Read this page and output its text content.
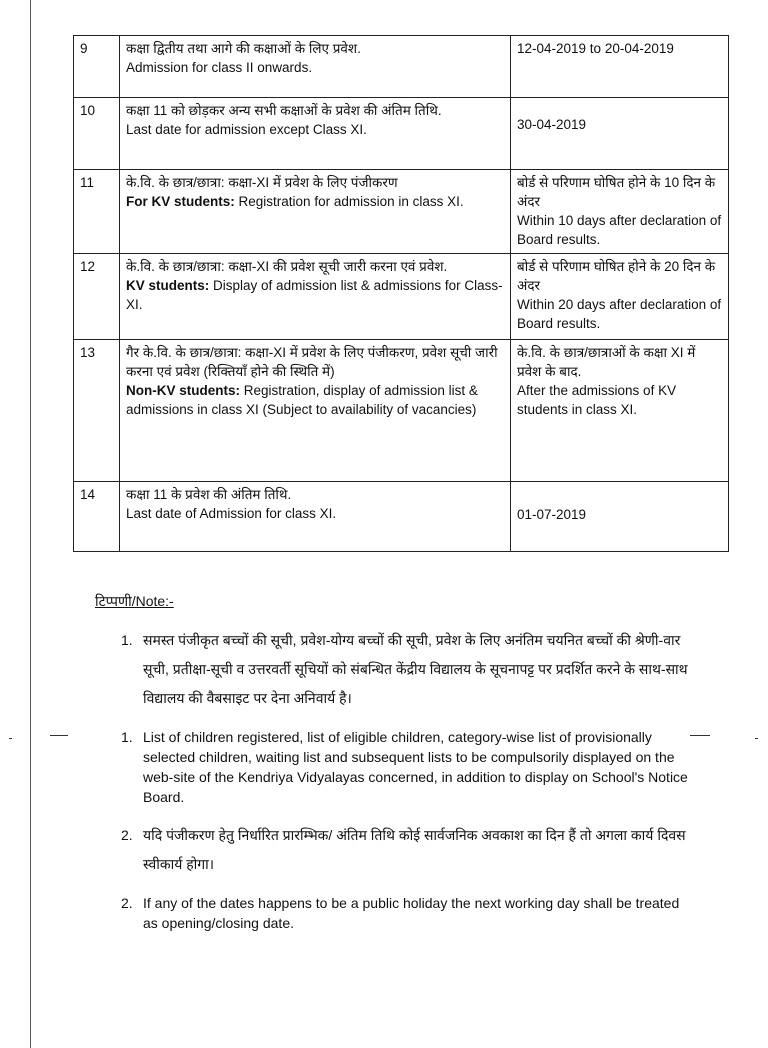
9	कक्षा द्वितीय तथा आगे की कक्षाओं के लिए प्रवेश.
Admission for class II onwards.	12-04-2019 to 20-04-2019
10	कक्षा 11 को छोड़कर अन्य सभी कक्षाओं के प्रवेश की अंतिम तिथि.
Last date for admission except Class XI.	30-04-2019

11	के.वि. के छात्र/छात्रा: कक्षा-XI में प्रवेश के लिए पंजीकरण
For KV students: Registration for admission in class XI.	बोर्ड से परिणाम घोषित होने के 10 दिन के अंदर
Within 10 days after declaration of Board results.

12	के.वि. के छात्र/छात्रा: कक्षा-XI की प्रवेश सूची जारी करना एवं प्रवेश.
KV students: Display of admission list & admissions for Class-XI.	बोर्ड से परिणाम घोषित होने के 20 दिन के अंदर
Within 20 days after declaration of Board results.

13	गैर के.वि. के छात्र/छात्रा: कक्षा-XI में प्रवेश के लिए पंजीकरण, प्रवेश सूची जारी करना एवं प्रवेश (रिक्तियाँ होने की स्थिति में)
Non-KV students: Registration, display of admission list & admissions in class XI (Subject to availability of vacancies)	के.वि. के छात्र/छात्राओं के कक्षा XI में प्रवेश के बाद.
After the admissions of KV students in class XI.

14	कक्षा 11 के प्रवेश की अंतिम तिथि.
Last date of Admission for class XI.	01-07-2019
टिप्पणी/Note:-
1. समस्त पंजीकृत बच्चों की सूची, प्रवेश-योग्य बच्चों की सूची, प्रवेश के लिए अनंतिम चयनित बच्चों की श्रेणी-वार सूची, प्रतीक्षा-सूची व उत्तरवर्ती सूचियों को संबन्धित केंद्रीय विद्यालय के सूचनापट्ट पर प्रदर्शित करने के साथ-साथ विद्यालय की वैबसाइट पर देना अनिवार्य है।
1. List of children registered, list of eligible children, category-wise list of provisionally selected children, waiting list and subsequent lists to be compulsorily displayed on the web-site of the Kendriya Vidyalayas concerned, in addition to display on School's Notice Board.
2. यदि पंजीकरण हेतु निर्धारित प्रारम्भिक/ अंतिम तिथि कोई सार्वजनिक अवकाश का दिन हैं तो अगला कार्य दिवस स्वीकार्य होगा।
2. If any of the dates happens to be a public holiday the next working day shall be treated as opening/closing date.
